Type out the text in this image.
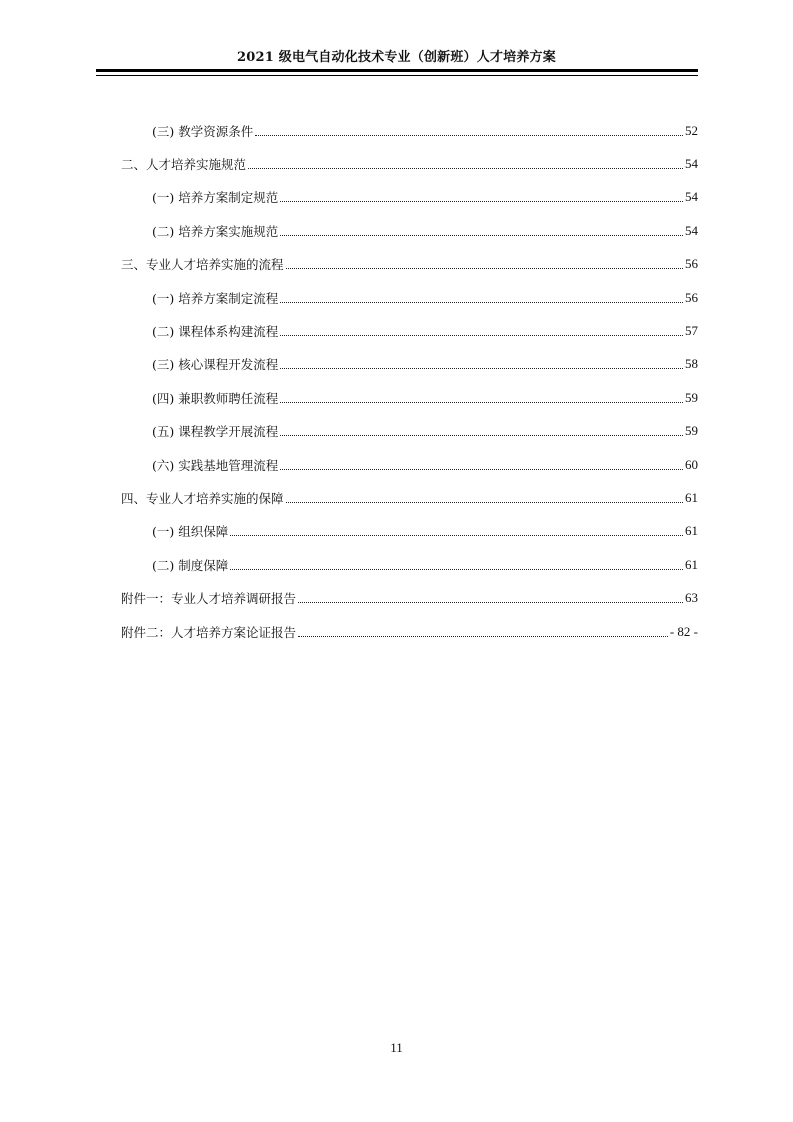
2021 级电气自动化技术专业（创新班）人才培养方案
(三) 教学资源条件	52
二、人才培养实施规范	54
(一) 培养方案制定规范	54
(二) 培养方案实施规范	54
三、专业人才培养实施的流程	56
(一) 培养方案制定流程	56
(二) 课程体系构建流程	57
(三) 核心课程开发流程	58
(四) 兼职教师聘任流程	59
(五) 课程教学开展流程	59
(六) 实践基地管理流程	60
四、专业人才培养实施的保障	61
(一) 组织保障	61
(二) 制度保障	61
附件一：专业人才培养调研报告	63
附件二：人才培养方案论证报告	- 82 -
11
